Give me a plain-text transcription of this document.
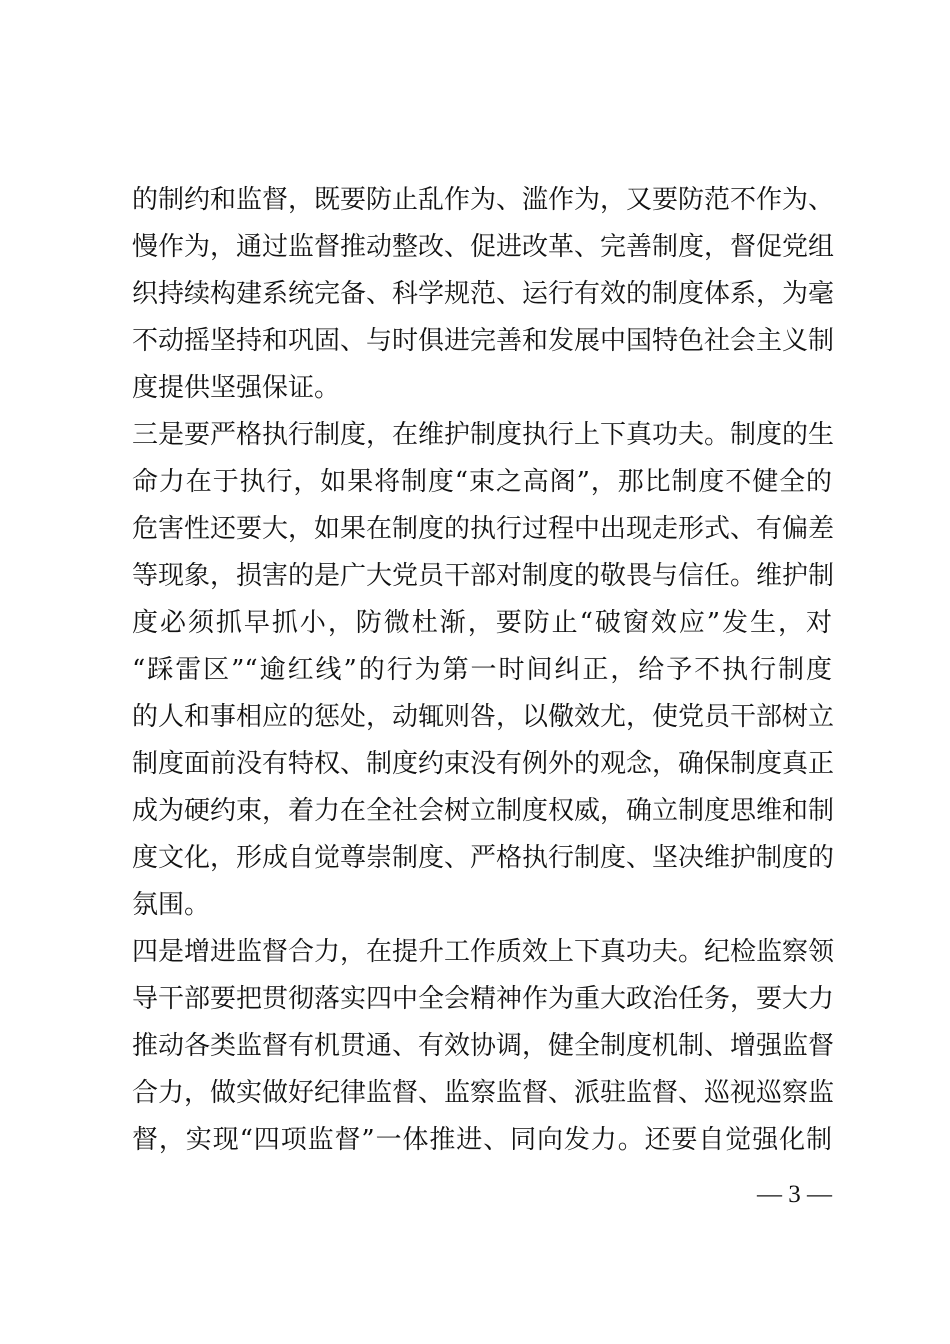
的制约和监督，既要防止乱作为、滥作为，又要防范不作为、
慢作为，通过监督推动整改、促进改革、完善制度，督促党组
织持续构建系统完备、科学规范、运行有效的制度体系，为毫
不动摇坚持和巩固、与时俱进完善和发展中国特色社会主义制
度提供坚强保证。
三是要严格执行制度，在维护制度执行上下真功夫。制度的生
命力在于执行，如果将制度“束之高阁”，那比制度不健全的
危害性还要大，如果在制度的执行过程中出现走形式、有偏差
等现象，损害的是广大党员干部对制度的敬畏与信任。维护制
度必须抓早抓小，防微杜渐，要防止“破窗效应”发生，对
“踩雷区”“逾红线”的行为第一时间纠正，给予不执行制度
的人和事相应的惩处，动辄则咎，以儆效尤，使党员干部树立
制度面前没有特权、制度约束没有例外的观念，确保制度真正
成为硬约束，着力在全社会树立制度权威，确立制度思维和制
度文化，形成自觉尊崇制度、严格执行制度、坚决维护制度的
氛围。
四是增进监督合力，在提升工作质效上下真功夫。纪检监察领
导干部要把贯彻落实四中全会精神作为重大政治任务，要大力
推动各类监督有机贯通、有效协调，健全制度机制、增强监督
合力，做实做好纪律监督、监察监督、派驻监督、巡视巡察监
督，实现“四项监督”一体推进、同向发力。还要自觉强化制
— 3 —
